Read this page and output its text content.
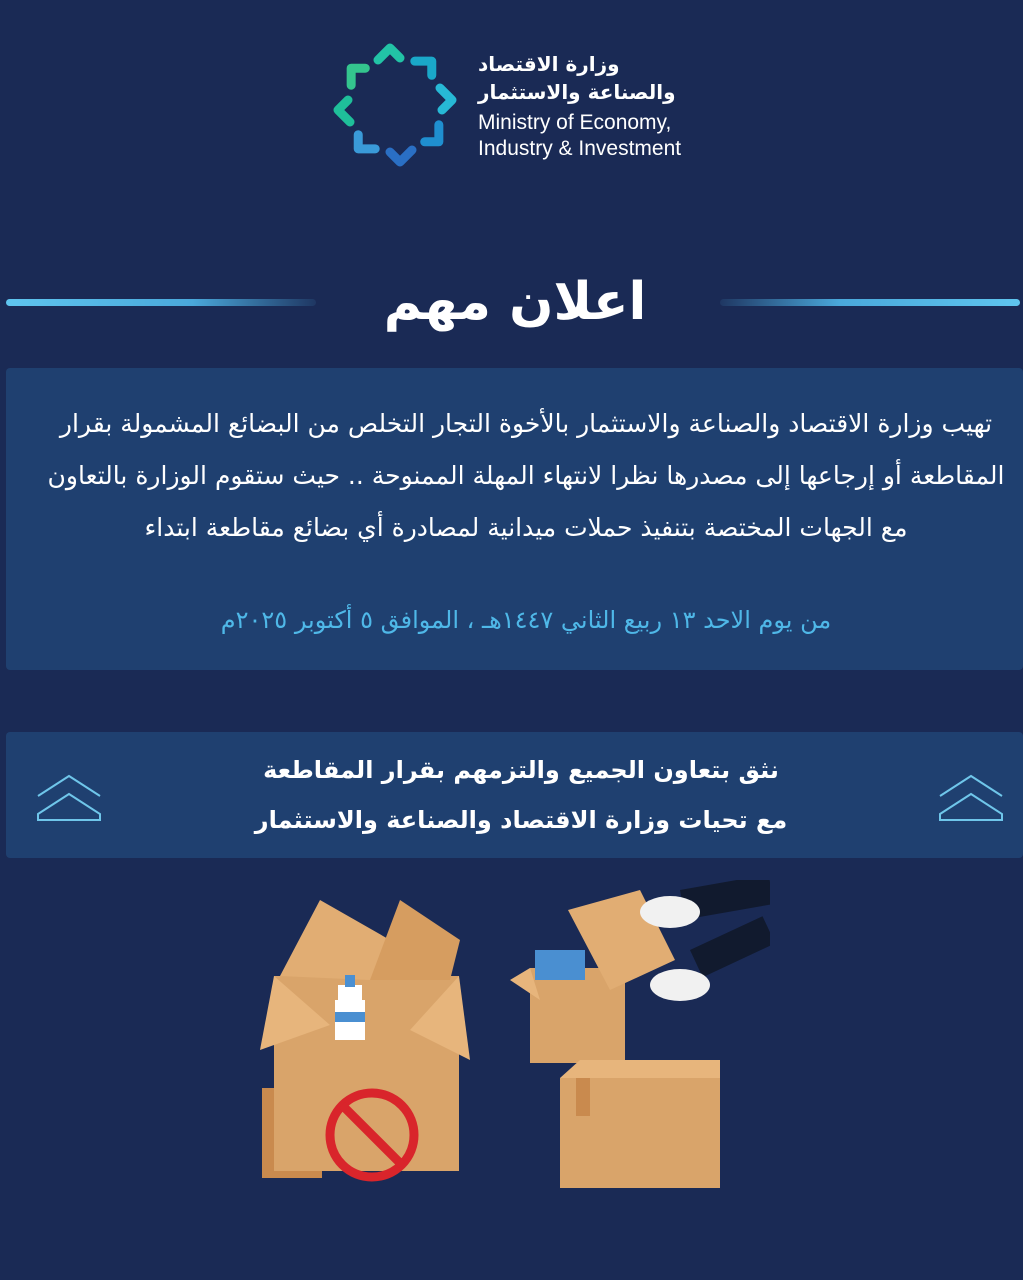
وزارة الاقتصاد
والصناعة والاستثمار
Ministry of Economy,
Industry & Investment
اعلان مهم
تهيب وزارة الاقتصاد والصناعة والاستثمار بالأخوة التجار التخلص من البضائع المشمولة بقرار المقاطعة أو إرجاعها إلى مصدرها نظرا لانتهاء المهلة الممنوحة .. حيث ستقوم الوزارة بالتعاون مع الجهات المختصة بتنفيذ حملات ميدانية لمصادرة أي بضائع مقاطعة ابتداء
من يوم الاحد ١٣ ربيع الثاني ١٤٤٧هـ ، الموافق ٥ أكتوبر ٢٠٢٥م
نثق بتعاون الجميع والتزمهم بقرار المقاطعة
مع تحيات وزارة الاقتصاد والصناعة والاستثمار
